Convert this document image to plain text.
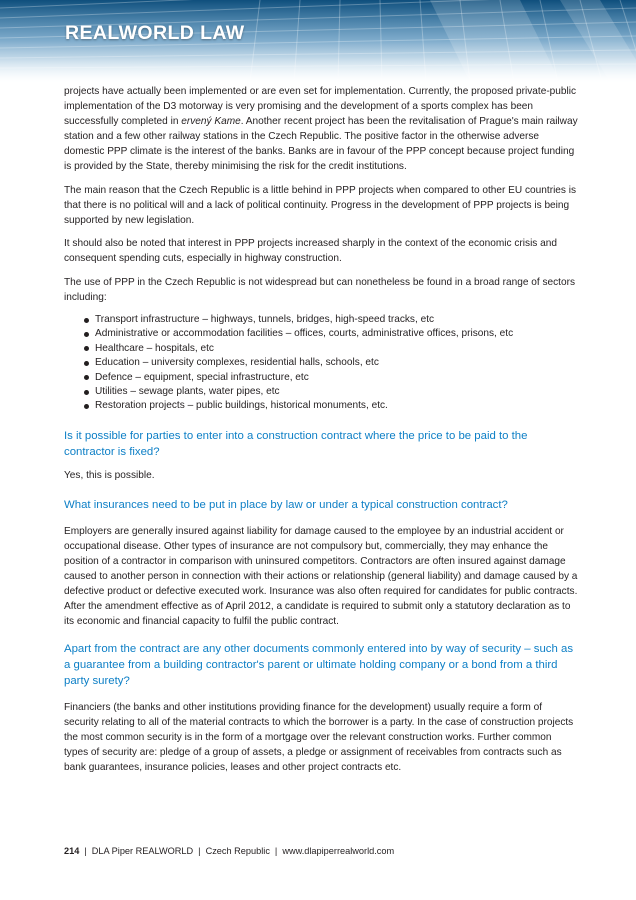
REALWORLD LAW

projects have actually been implemented or are even set for implementation. Currently, the proposed private-public implementation of the D3 motorway is very promising and the development of a sports complex has been successfully completed in ervený Kame. Another recent project has been the revitalisation of Prague's main railway station and a few other railway stations in the Czech Republic. The positive factor in the otherwise adverse domestic PPP climate is the interest of the banks. Banks are in favour of the PPP concept because project funding is provided by the State, thereby minimising the risk for the credit institutions.

The main reason that the Czech Republic is a little behind in PPP projects when compared to other EU countries is that there is no political will and a lack of political continuity. Progress in the development of PPP projects is being supported by new legislation.

It should also be noted that interest in PPP projects increased sharply in the context of the economic crisis and consequent spending cuts, especially in highway construction.

The use of PPP in the Czech Republic is not widespread but can nonetheless be found in a broad range of sectors including:

Transport infrastructure – highways, tunnels, bridges, high-speed tracks, etc
Administrative or accommodation facilities – offices, courts, administrative offices, prisons, etc
Healthcare – hospitals, etc
Education – university complexes, residential halls, schools, etc
Defence – equipment, special infrastructure, etc
Utilities – sewage plants, water pipes, etc
Restoration projects – public buildings, historical monuments, etc.
Is it possible for parties to enter into a construction contract where the price to be paid to the contractor is fixed?

Yes, this is possible.

What insurances need to be put in place by law or under a typical construction contract?

Employers are generally insured against liability for damage caused to the employee by an industrial accident or occupational disease. Other types of insurance are not compulsory but, commercially, they may enhance the position of a contractor in comparison with uninsured competitors. Contractors are often insured against damage caused to another person in connection with their actions or relationship (general liability) and damage caused by a defective product or defective executed work. Insurance was also often required for candidates for public contracts. After the amendment effective as of April 2012, a candidate is required to submit only a statutory declaration as to its economic and financial capacity to fulfil the public contract.

Apart from the contract are any other documents commonly entered into by way of security – such as a guarantee from a building contractor's parent or ultimate holding company or a bond from a third party surety?

Financiers (the banks and other institutions providing finance for the development) usually require a form of security relating to all of the material contracts to which the borrower is a party. In the case of construction projects the most common security is in the form of a mortgage over the relevant construction works. Further common types of security are: pledge of a group of assets, a pledge or assignment of receivables from contracts such as bank guarantees, insurance policies, leases and other project contracts etc.

214 | DLA Piper REALWORLD | Czech Republic | www.dlapiperrealworld.com
